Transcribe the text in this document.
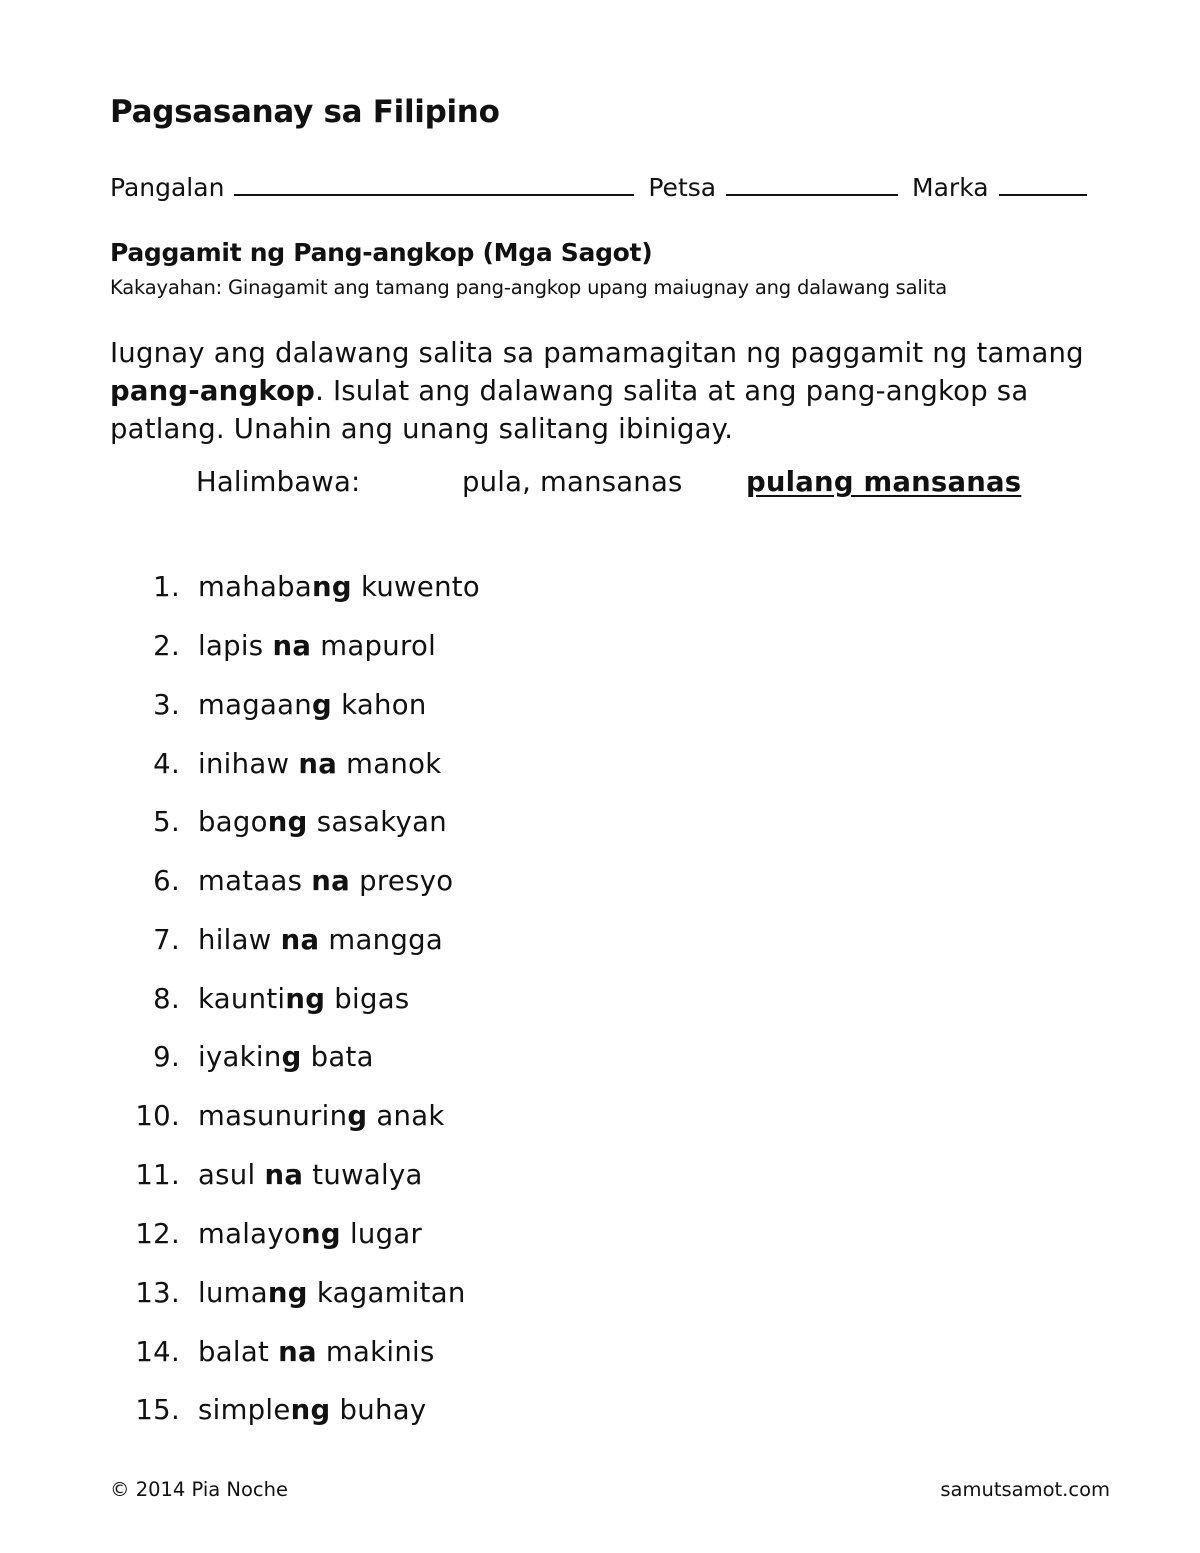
Pagsasanay sa Filipino
Pangalan	Petsa	Marka
Paggamit ng Pang-angkop (Mga Sagot)
Kakayahan: Ginagamit ang tamang pang-angkop upang maiugnay ang dalawang salita

Iugnay ang dalawang salita sa pamamagitan ng paggamit ng tamang pang-angkop. Isulat ang dalawang salita at ang pang-angkop sa patlang. Unahin ang unang salitang ibinigay.

Halimbawa:	pula, mansanas pulang mansanas
1. mahabang kuwento
2. lapis na mapurol
3. magaang kahon
4. inihaw na manok
5. bagong sasakyan
6. mataas na presyo
7. hilaw na mangga
8. kaunting bigas
9. iyaking bata
10. masunuring anak
11. asul na tuwalya
12. malayong lugar
13. lumang kagamitan
14. balat na makinis
15. simpleng buhay
© 2014 Pia Noche	samutsamot.com
